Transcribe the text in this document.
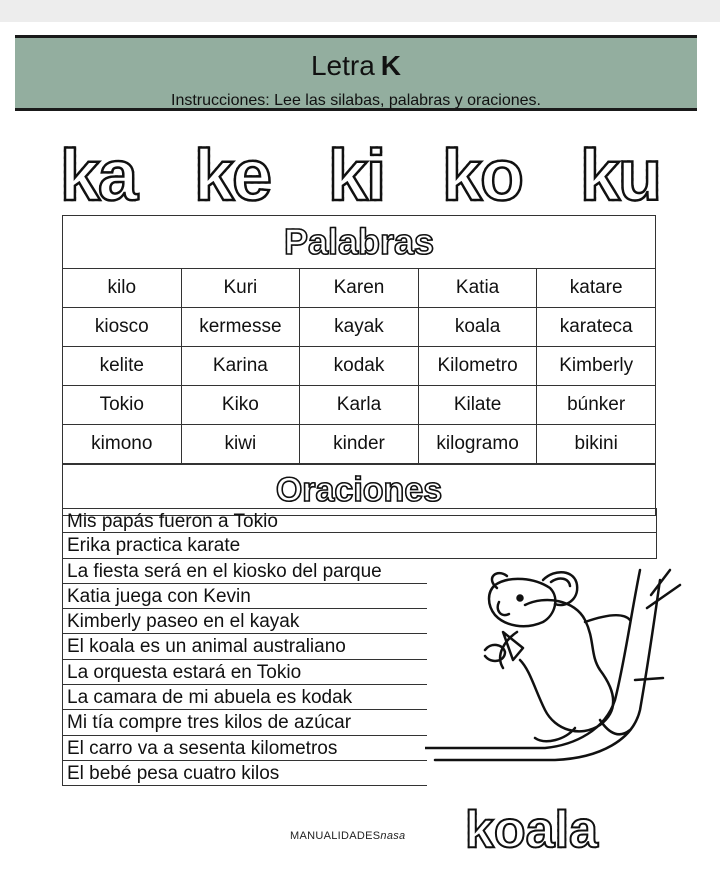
Letra K
Instrucciones: Lee las silabas, palabras y oraciones.
ka ke ki ko ku
Palabras
kilo	Kuri	Karen	Katia	katare
kiosco	kermesse	kayak	koala	karateca
kelite	Karina	kodak	Kilometro	Kimberly
Tokio	Kiko	Karla	Kilate	búnker
kimono	kiwi	kinder	kilogramo	bikini
Oraciones
Mis papás fueron a Tokio
Erika practica karate
La fiesta será en el kiosko del parque
Katia juega con Kevin
Kimberly paseo en el kayak
El koala es un animal australiano
La orquesta estará en Tokio
La camara de mi abuela es kodak
Mi tía compre tres kilos de azúcar
El carro va a sesenta kilometros
El bebé pesa cuatro kilos
MANUALIDADESnasa koala
